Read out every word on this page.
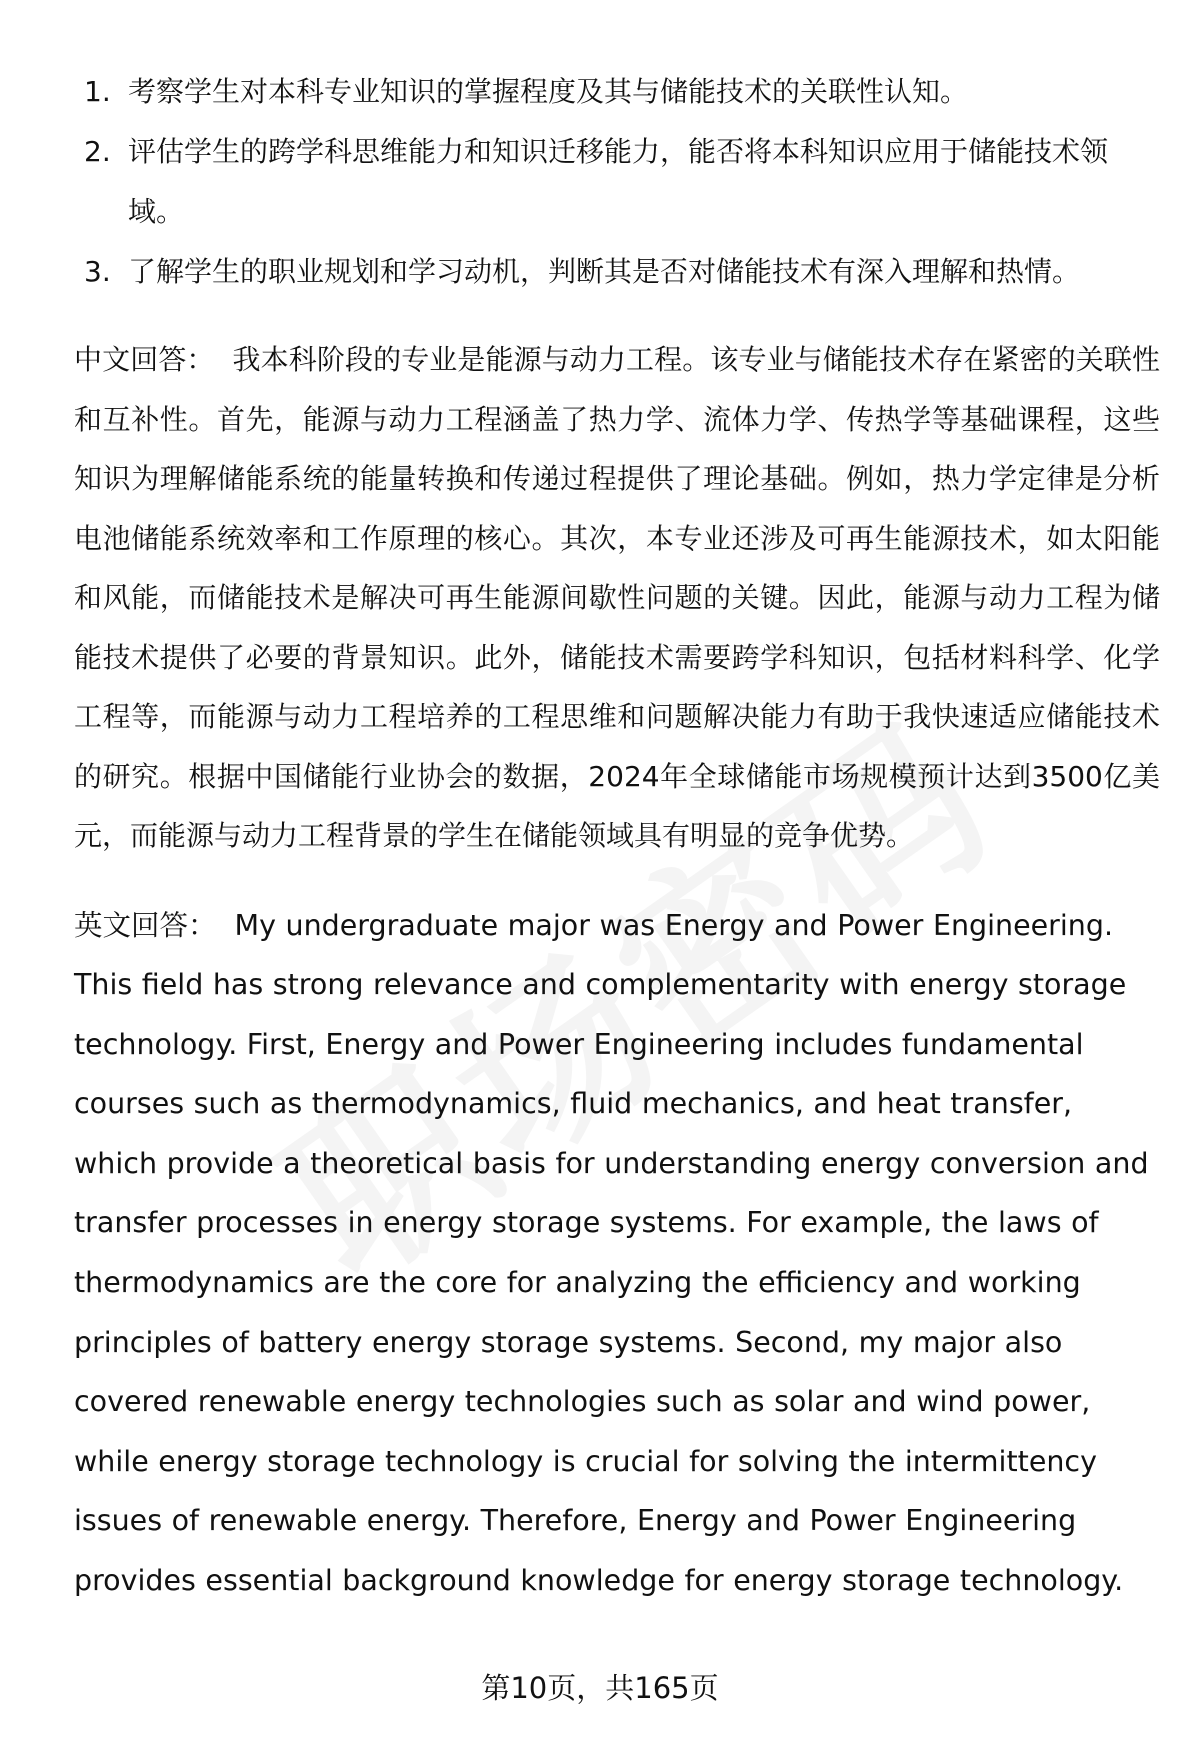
1. 考察学生对本科专业知识的掌握程度及其与储能技术的关联性认知。
2. 评估学生的跨学科思维能力和知识迁移能力，能否将本科知识应用于储能技术领域。
3. 了解学生的职业规划和学习动机，判断其是否对储能技术有深入理解和热情。

中文回答： 我本科阶段的专业是能源与动力工程。该专业与储能技术存在紧密的关联性和互补性。首先，能源与动力工程涵盖了热力学、流体力学、传热学等基础课程，这些知识为理解储能系统的能量转换和传递过程提供了理论基础。例如，热力学定律是分析电池储能系统效率和工作原理的核心。其次，本专业还涉及可再生能源技术，如太阳能和风能，而储能技术是解决可再生能源间歇性问题的关键。因此，能源与动力工程为储能技术提供了必要的背景知识。此外，储能技术需要跨学科知识，包括材料科学、化学工程等，而能源与动力工程培养的工程思维和问题解决能力有助于我快速适应储能技术的研究。根据中国储能行业协会的数据，2024年全球储能市场规模预计达到3500亿美元，而能源与动力工程背景的学生在储能领域具有明显的竞争优势。

英文回答： My undergraduate major was Energy and Power Engineering. This field has strong relevance and complementarity with energy storage technology. First, Energy and Power Engineering includes fundamental courses such as thermodynamics, fluid mechanics, and heat transfer, which provide a theoretical basis for understanding energy conversion and transfer processes in energy storage systems. For example, the laws of thermodynamics are the core for analyzing the efficiency and working principles of battery energy storage systems. Second, my major also covered renewable energy technologies such as solar and wind power, while energy storage technology is crucial for solving the intermittency issues of renewable energy. Therefore, Energy and Power Engineering provides essential background knowledge for energy storage technology.

第10页，共165页
